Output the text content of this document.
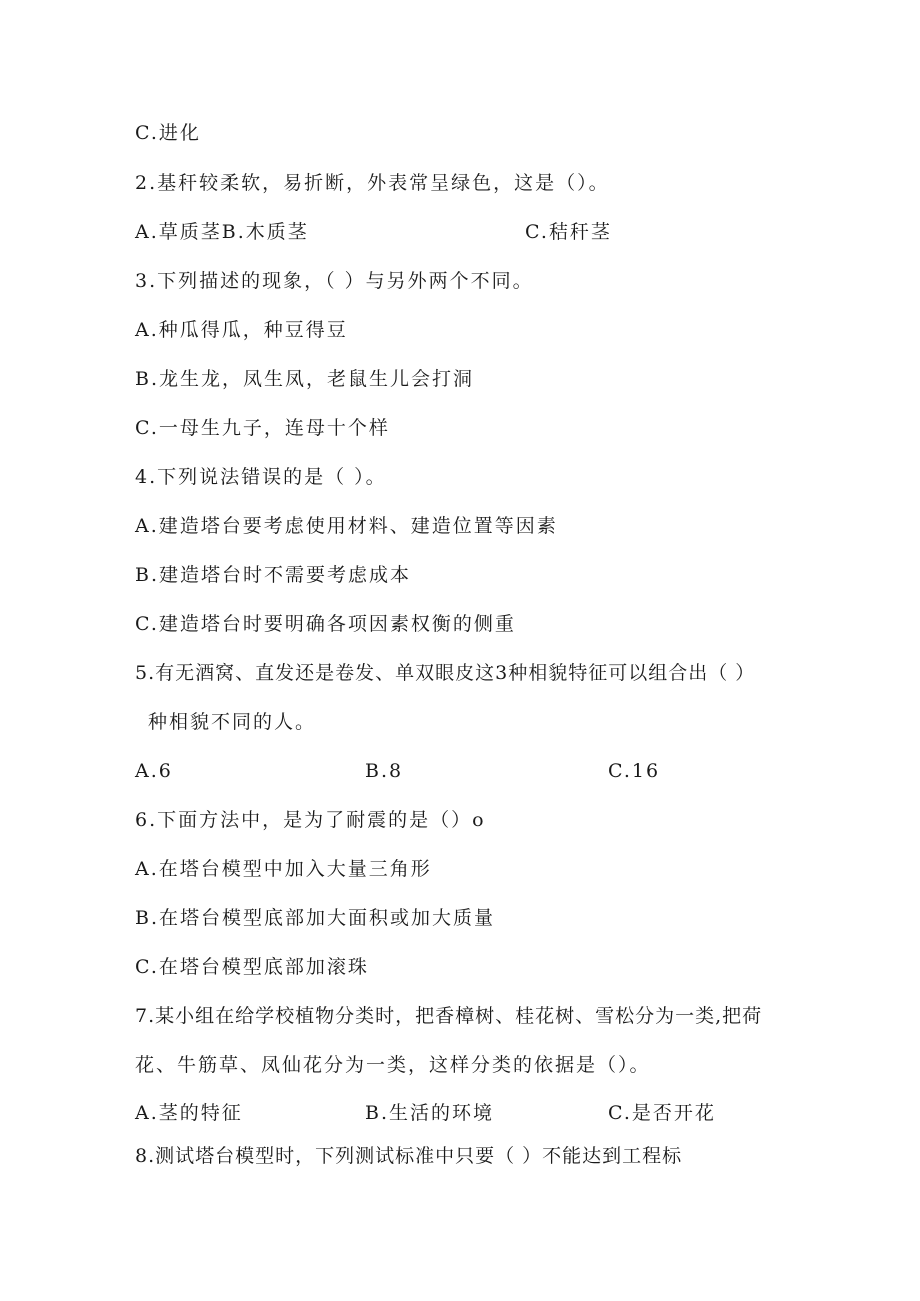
C.进化
2.基秆较柔软，易折断，外表常呈绿色，这是（）。
A.草质茎B.木质茎	C.秸秆茎
3.下列描述的现象，（ ）与另外两个不同。
A.种瓜得瓜，种豆得豆
B.龙生龙，凤生凤，老鼠生儿会打洞
C.一母生九子，连母十个样
4.下列说法错误的是（ ）。
A.建造塔台要考虑使用材料、建造位置等因素
B.建造塔台时不需要考虑成本
C.建造塔台时要明确各项因素权衡的侧重
5.有无酒窝、直发还是卷发、单双眼皮这3种相貌特征可以组合出（ ）
种相貌不同的人。
A.6	B.8	C.16
6.下面方法中，是为了耐震的是（）o
A.在塔台模型中加入大量三角形
B.在塔台模型底部加大面积或加大质量
C.在塔台模型底部加滚珠
7.某小组在给学校植物分类时，把香樟树、桂花树、雪松分为一类,把荷
花、牛筋草、凤仙花分为一类，这样分类的依据是（）。
A.茎的特征	B.生活的环境	C.是否开花
8.测试塔台模型时，下列测试标准中只要（ ）不能达到工程标
